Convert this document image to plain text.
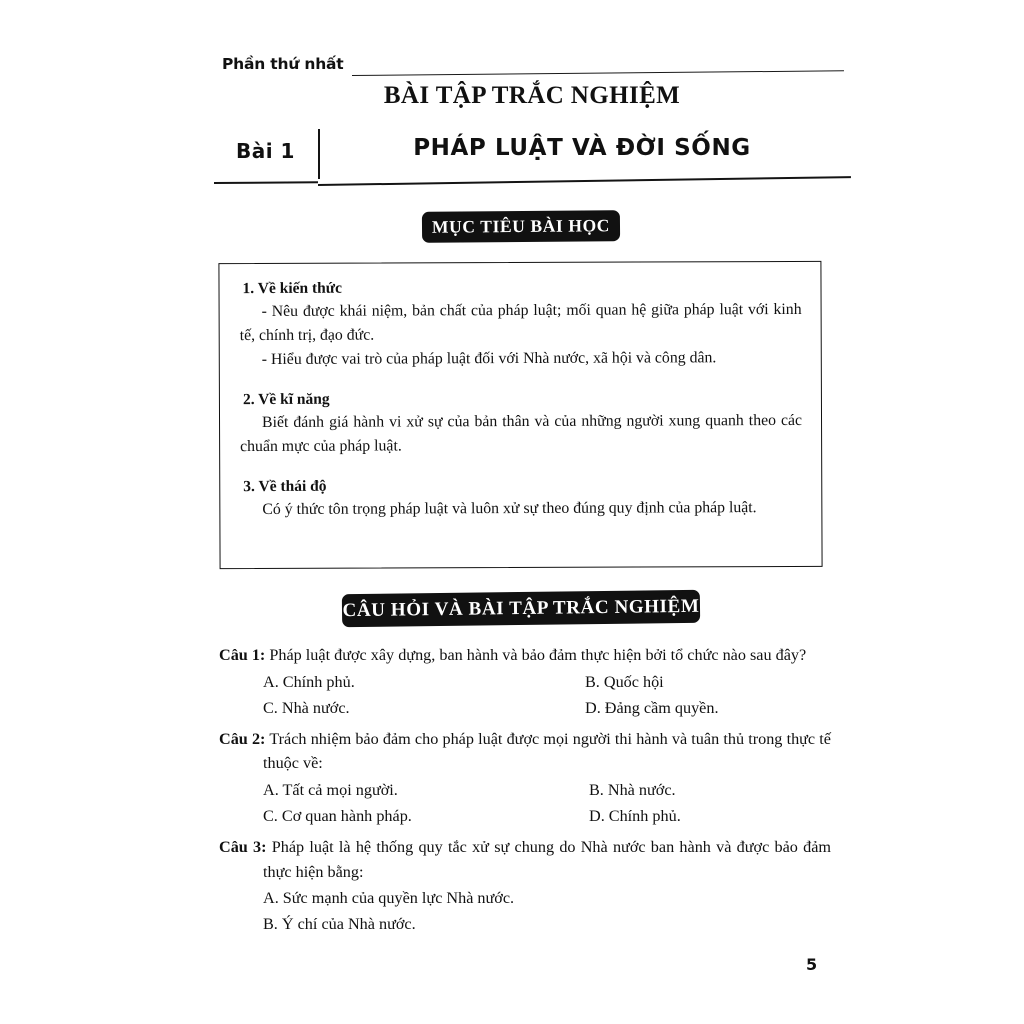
Phần thứ nhất
BÀI TẬP TRẮC NGHIỆM
Bài 1	PHÁP LUẬT VÀ ĐỜI SỐNG
MỤC TIÊU BÀI HỌC
1. Về kiến thức

- Nêu được khái niệm, bản chất của pháp luật; mối quan hệ giữa pháp luật với kinh tế, chính trị, đạo đức.

- Hiểu được vai trò của pháp luật đối với Nhà nước, xã hội và công dân.

2. Về kĩ năng

Biết đánh giá hành vi xử sự của bản thân và của những người xung quanh theo các chuẩn mực của pháp luật.

3. Về thái độ

Có ý thức tôn trọng pháp luật và luôn xử sự theo đúng quy định của pháp luật.

CÂU HỎI VÀ BÀI TẬP TRẮC NGHIỆM

Câu 1: Pháp luật được xây dựng, ban hành và bảo đảm thực hiện bởi tổ chức nào sau đây?

A. Chính phủ.	B. Quốc hội
C. Nhà nước.	D. Đảng cầm quyền.

Câu 2: Trách nhiệm bảo đảm cho pháp luật được mọi người thi hành và tuân thủ trong thực tế thuộc về:

A. Tất cả mọi người.	B. Nhà nước.
C. Cơ quan hành pháp.	D. Chính phủ.

Câu 3: Pháp luật là hệ thống quy tắc xử sự chung do Nhà nước ban hành và được bảo đảm thực hiện bằng:

A. Sức mạnh của quyền lực Nhà nước.
B. Ý chí của Nhà nước.
5
